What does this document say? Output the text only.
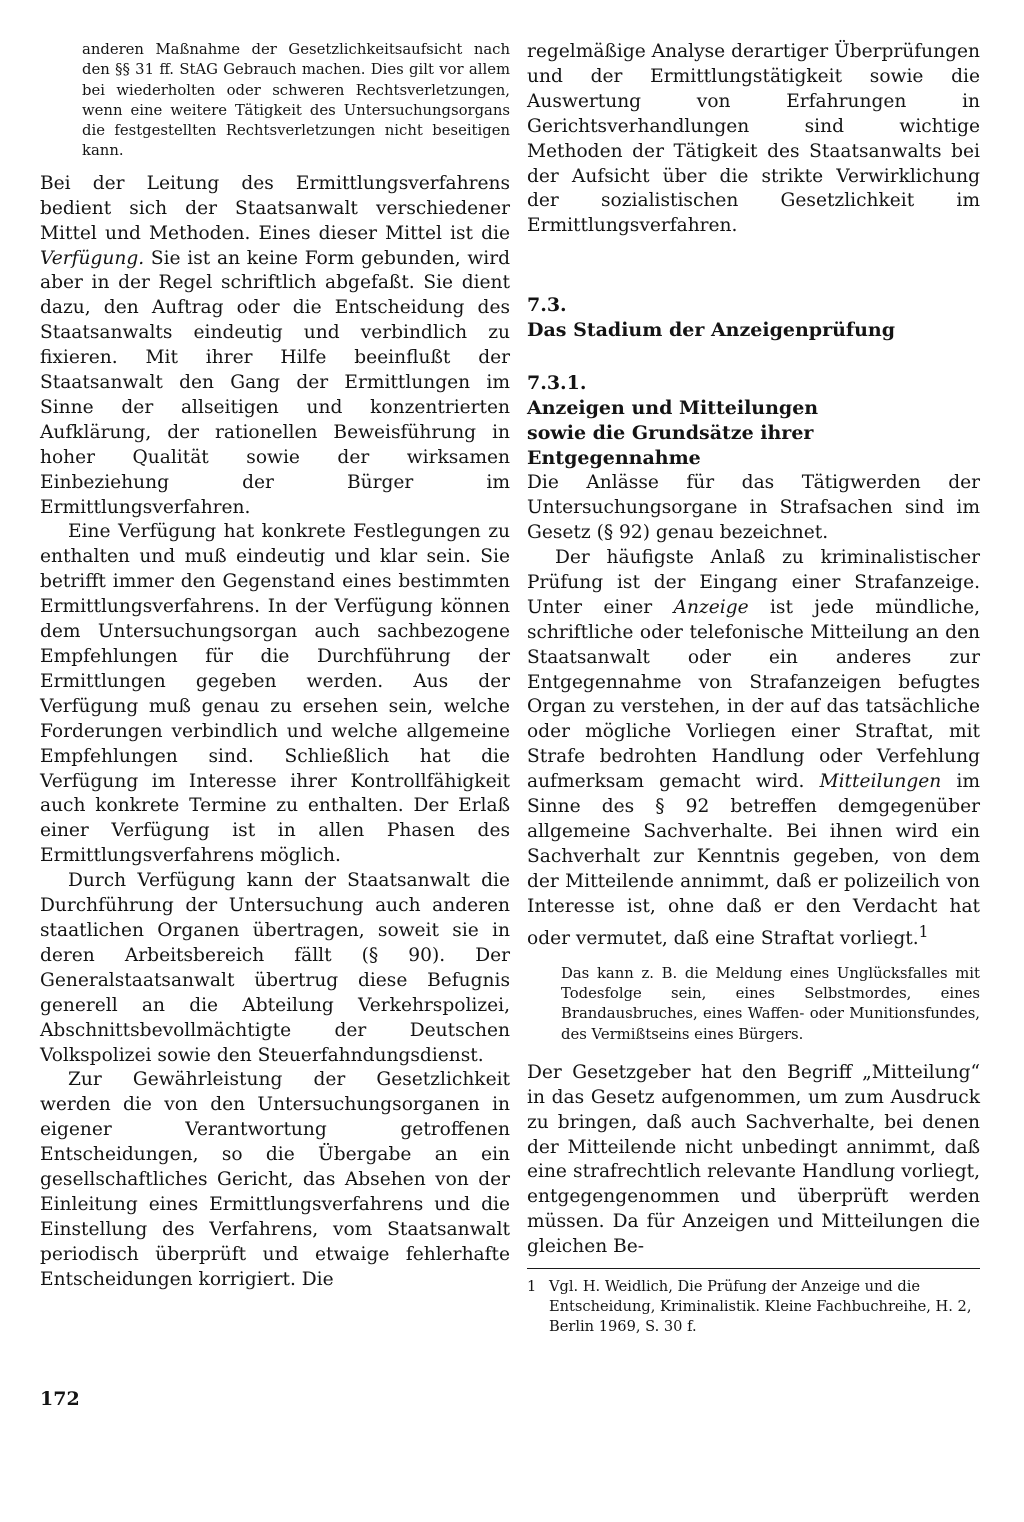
anderen Maßnahme der Gesetzlichkeitsaufsicht nach den §§ 31 ff. StAG Gebrauch machen. Dies gilt vor allem bei wiederholten oder schweren Rechtsverletzungen, wenn eine weitere Tätigkeit des Untersuchungsorgans die festgestellten Rechtsverletzungen nicht beseitigen kann.

Bei der Leitung des Ermittlungsverfahrens bedient sich der Staatsanwalt verschiedener Mittel und Methoden. Eines dieser Mittel ist die Verfügung. Sie ist an keine Form gebunden, wird aber in der Regel schriftlich abgefaßt. Sie dient dazu, den Auftrag oder die Entscheidung des Staatsanwalts eindeutig und verbindlich zu fixieren. Mit ihrer Hilfe beeinflußt der Staatsanwalt den Gang der Ermittlungen im Sinne der allseitigen und konzentrierten Aufklärung, der rationellen Beweisführung in hoher Qualität sowie der wirksamen Einbeziehung der Bürger im Ermittlungsverfahren.

Eine Verfügung hat konkrete Festlegungen zu enthalten und muß eindeutig und klar sein. Sie betrifft immer den Gegenstand eines bestimmten Ermittlungsverfahrens. In der Verfügung können dem Untersuchungsorgan auch sachbezogene Empfehlungen für die Durchführung der Ermittlungen gegeben werden. Aus der Verfügung muß genau zu ersehen sein, welche Forderungen verbindlich und welche allgemeine Empfehlungen sind. Schließlich hat die Verfügung im Interesse ihrer Kontrollfähigkeit auch konkrete Termine zu enthalten. Der Erlaß einer Verfügung ist in allen Phasen des Ermittlungsverfahrens möglich.

Durch Verfügung kann der Staatsanwalt die Durchführung der Untersuchung auch anderen staatlichen Organen übertragen, soweit sie in deren Arbeitsbereich fällt (§ 90). Der Generalstaatsanwalt übertrug diese Befugnis generell an die Abteilung Verkehrspolizei, Abschnittsbevollmächtigte der Deutschen Volkspolizei sowie den Steuerfahndungsdienst.

Zur Gewährleistung der Gesetzlichkeit werden die von den Untersuchungsorganen in eigener Verantwortung getroffenen Entscheidungen, so die Übergabe an ein gesellschaftliches Gericht, das Absehen von der Einleitung eines Ermittlungsverfahrens und die Einstellung des Verfahrens, vom Staatsanwalt periodisch überprüft und etwaige fehlerhafte Entscheidungen korrigiert. Die

regelmäßige Analyse derartiger Überprüfungen und der Ermittlungstätigkeit sowie die Auswertung von Erfahrungen in Gerichtsverhandlungen sind wichtige Methoden der Tätigkeit des Staatsanwalts bei der Aufsicht über die strikte Verwirklichung der sozialistischen Gesetzlichkeit im Ermittlungsverfahren.

7.3.
Das Stadium der Anzeigenprüfung
7.3.1.
Anzeigen und Mitteilungen
sowie die Grundsätze ihrer Entgegennahme

Die Anlässe für das Tätigwerden der Untersuchungsorgane in Strafsachen sind im Gesetz (§ 92) genau bezeichnet.

Der häufigste Anlaß zu kriminalistischer Prüfung ist der Eingang einer Strafanzeige. Unter einer Anzeige ist jede mündliche, schriftliche oder telefonische Mitteilung an den Staatsanwalt oder ein anderes zur Entgegennahme von Strafanzeigen befugtes Organ zu verstehen, in der auf das tatsächliche oder mögliche Vorliegen einer Straftat, mit Strafe bedrohten Handlung oder Verfehlung aufmerksam gemacht wird. Mitteilungen im Sinne des § 92 betreffen demgegenüber allgemeine Sachverhalte. Bei ihnen wird ein Sachverhalt zur Kenntnis gegeben, von dem der Mitteilende annimmt, daß er polizeilich von Interesse ist, ohne daß er den Verdacht hat oder vermutet, daß eine Straftat vorliegt.$^1$

Das kann z. B. die Meldung eines Unglücksfalles mit Todesfolge sein, eines Selbstmordes, eines Brandausbruches, eines Waffen- oder Munitionsfundes, des Vermißtseins eines Bürgers.

Der Gesetzgeber hat den Begriff „Mitteilung“ in das Gesetz aufgenommen, um zum Ausdruck zu bringen, daß auch Sachverhalte, bei denen der Mitteilende nicht unbedingt annimmt, daß eine strafrechtlich relevante Handlung vorliegt, entgegengenommen und überprüft werden müssen. Da für Anzeigen und Mitteilungen die gleichen Be-

1 Vgl. H. Weidlich, Die Prüfung der Anzeige und die Entscheidung, Kriminalistik. Kleine Fachbuchreihe, H. 2, Berlin 1969, S. 30 f.
172
